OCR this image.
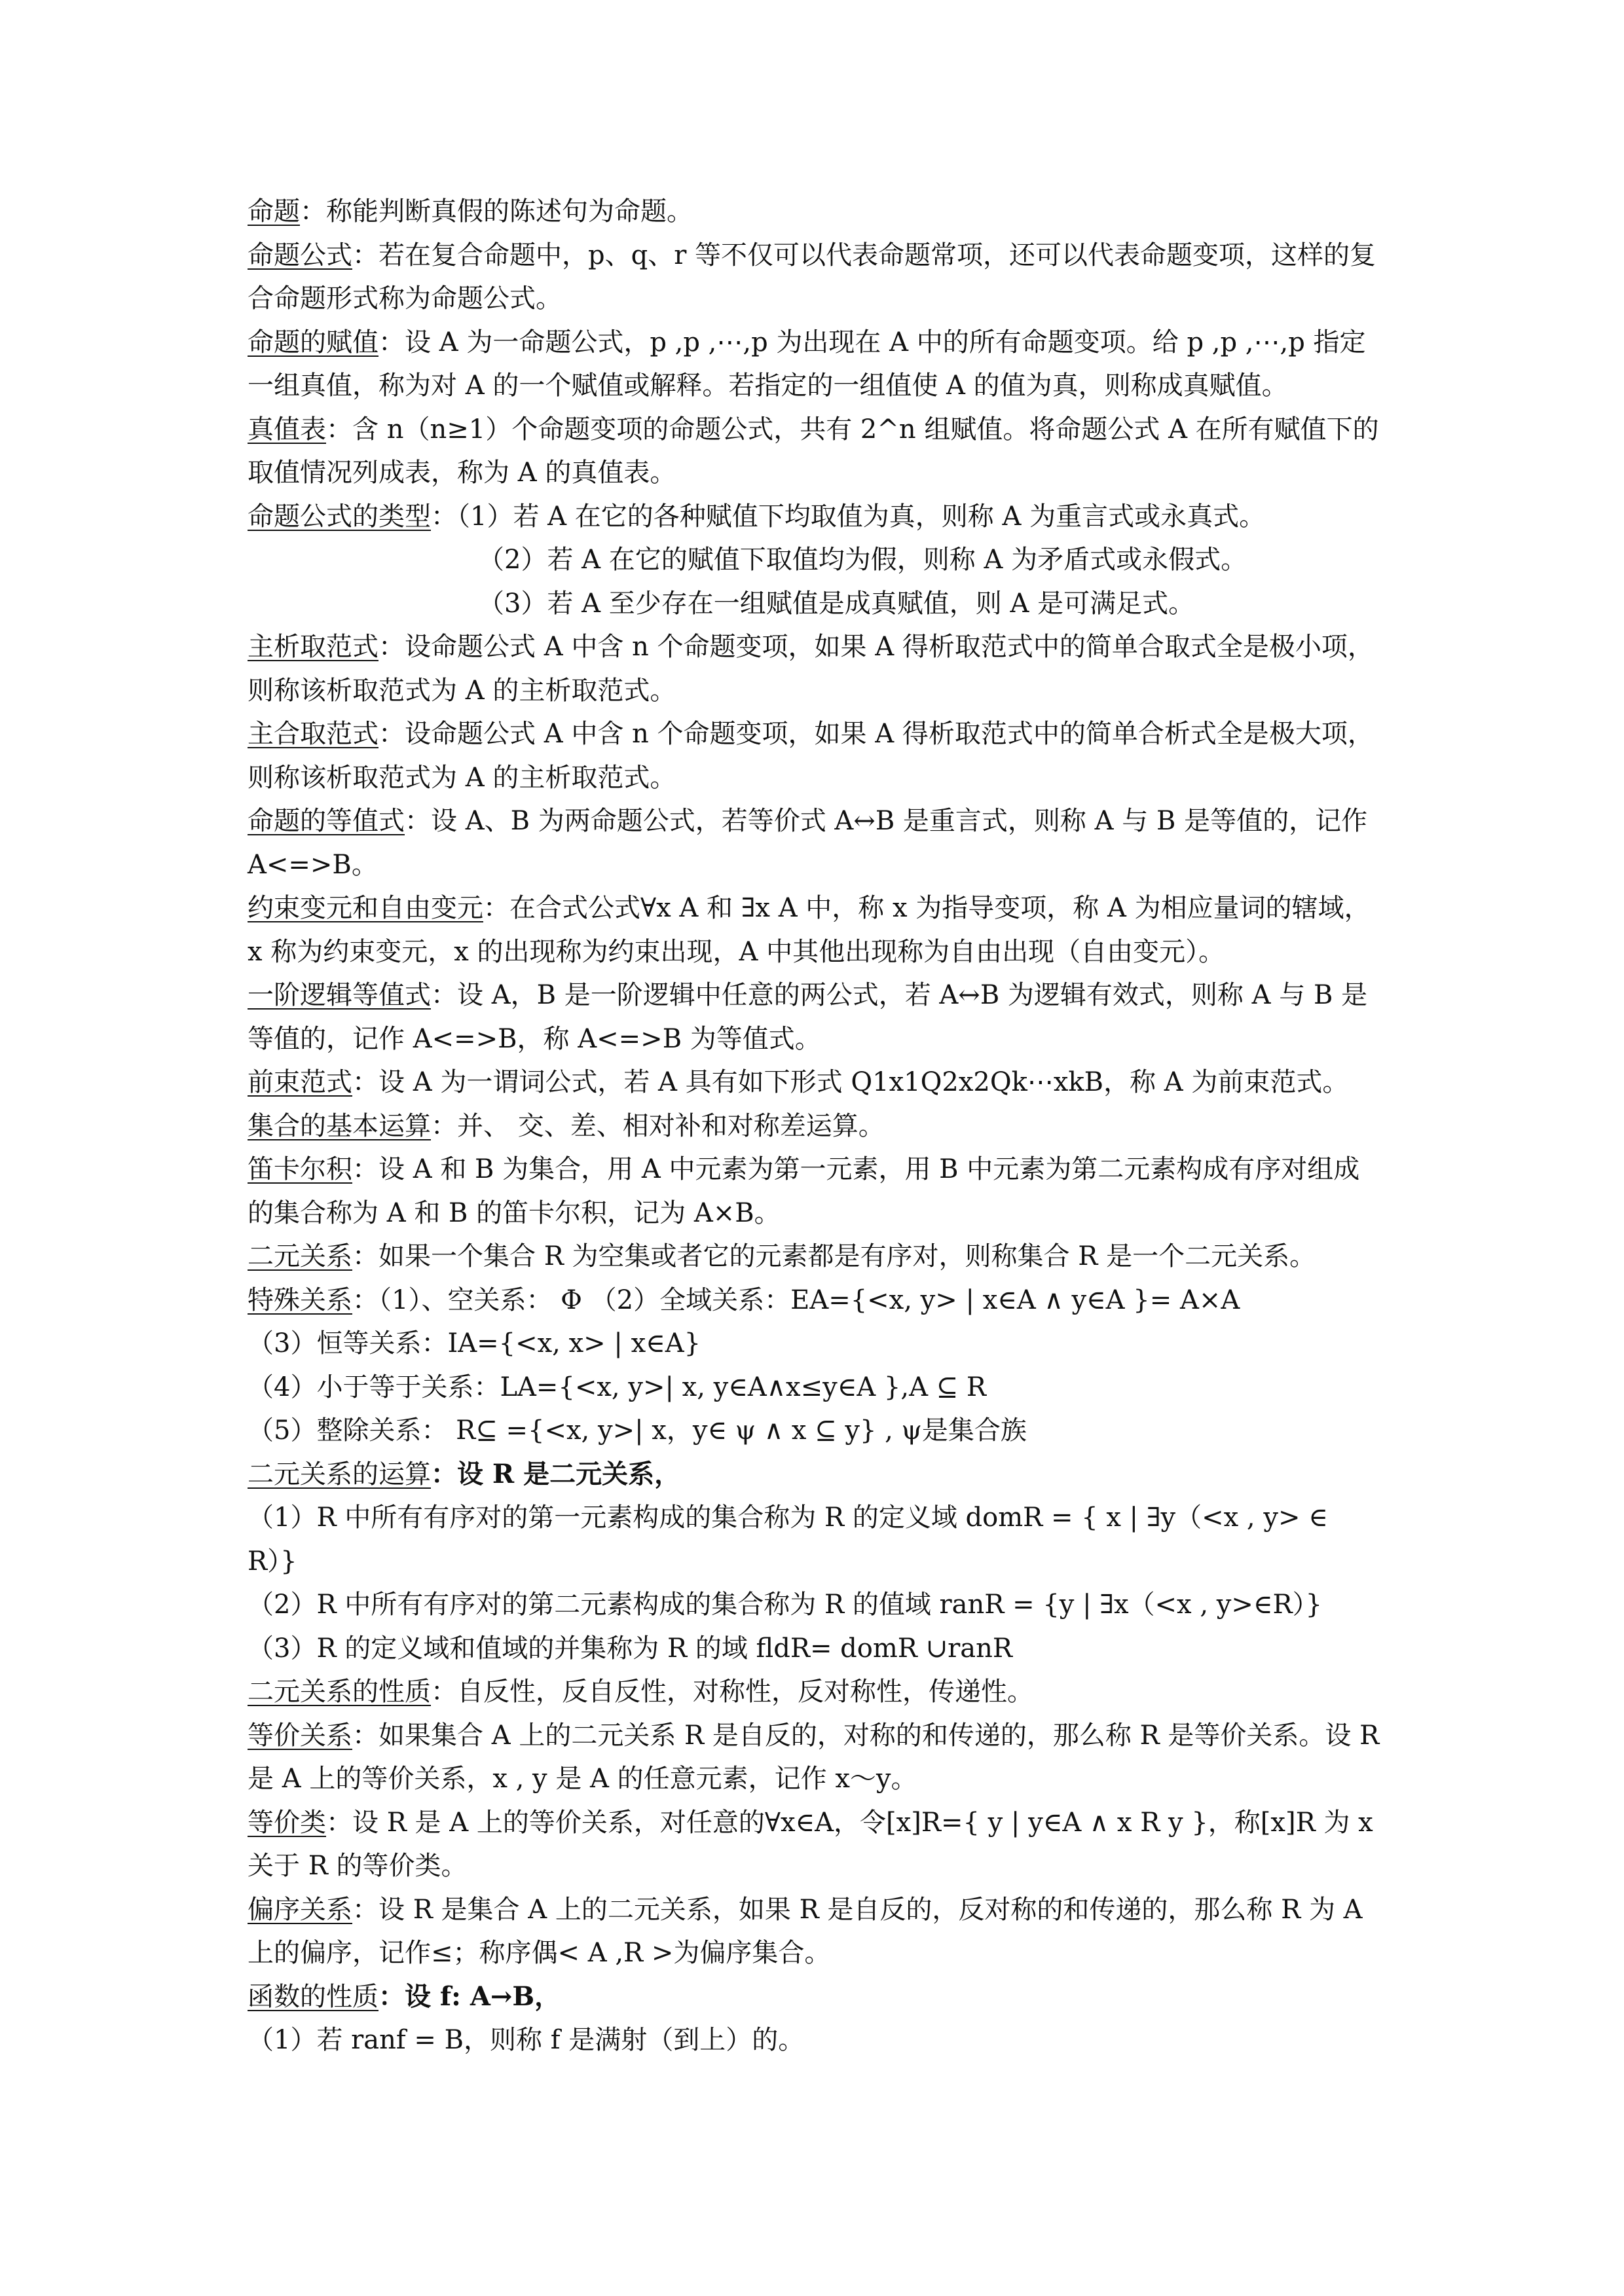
命题：称能判断真假的陈述句为命题。

命题公式：若在复合命题中，p、q、r 等不仅可以代表命题常项，还可以代表命题变项，这样的复合命题形式称为命题公式。

命题的赋值：设 A 为一命题公式，p ,p ,⋯,p 为出现在 A 中的所有命题变项。给 p ,p ,⋯,p 指定一组真值，称为对 A 的一个赋值或解释。若指定的一组值使 A 的值为真，则称成真赋值。

真值表：含 n（n≥1）个命题变项的命题公式，共有 2^n 组赋值。将命题公式 A 在所有赋值下的取值情况列成表，称为 A 的真值表。

命题公式的类型：（1）若 A 在它的各种赋值下均取值为真，则称 A 为重言式或永真式。

（2）若 A 在它的赋值下取值均为假，则称 A 为矛盾式或永假式。

（3）若 A 至少存在一组赋值是成真赋值，则 A 是可满足式。

主析取范式：设命题公式 A 中含 n 个命题变项，如果 A 得析取范式中的简单合取式全是极小项，则称该析取范式为 A 的主析取范式。

主合取范式：设命题公式 A 中含 n 个命题变项，如果 A 得析取范式中的简单合析式全是极大项，则称该析取范式为 A 的主析取范式。

命题的等值式：设 A、B 为两命题公式，若等价式 A↔B 是重言式，则称 A 与 B 是等值的，记作 A<=>B。

约束变元和自由变元：在合式公式∀x A 和 ∃x A 中，称 x 为指导变项，称 A 为相应量词的辖域，x 称为约束变元，x 的出现称为约束出现，A 中其他出现称为自由出现（自由变元）。

一阶逻辑等值式：设 A，B 是一阶逻辑中任意的两公式，若 A↔B 为逻辑有效式，则称 A 与 B 是等值的，记作 A<=>B，称 A<=>B 为等值式。

前束范式：设 A 为一谓词公式，若 A 具有如下形式 Q1x1Q2x2Qk⋯xkB，称 A 为前束范式。

集合的基本运算：并、 交、差、相对补和对称差运算。

笛卡尔积：设 A 和 B 为集合，用 A 中元素为第一元素，用 B 中元素为第二元素构成有序对组成的集合称为 A 和 B 的笛卡尔积，记为 A×B。

二元关系：如果一个集合 R 为空集或者它的元素都是有序对，则称集合 R 是一个二元关系。

特殊关系：（1）、空关系： Φ （2）全域关系：EA={<x, y> | x∈A ∧ y∈A }= A×A

（3）恒等关系：IA={<x, x> | x∈A}

（4）小于等于关系：LA={<x, y>| x, y∈A∧x≤y∈A },A ⊆ R

（5）整除关系： R⊆ ={<x, y>| x，y∈ ψ ∧ x ⊆ y} , ψ是集合族

二元关系的运算：设 R 是二元关系，

（1）R 中所有有序对的第一元素构成的集合称为 R 的定义域 domR = { x | ∃y（<x , y> ∈ R）}

（2）R 中所有有序对的第二元素构成的集合称为 R 的值域 ranR = {y | ∃x（<x , y>∈R）}

（3）R 的定义域和值域的并集称为 R 的域 fldR= domR ∪ranR

二元关系的性质：自反性，反自反性，对称性，反对称性，传递性。

等价关系：如果集合 A 上的二元关系 R 是自反的，对称的和传递的，那么称 R 是等价关系。设 R 是 A 上的等价关系，x , y 是 A 的任意元素，记作 x～y。

等价类：设 R 是 A 上的等价关系，对任意的∀x∈A，令[x]R={ y | y∈A ∧ x R y }，称[x]R 为 x 关于 R 的等价类。

偏序关系：设 R 是集合 A 上的二元关系，如果 R 是自反的，反对称的和传递的，那么称 R 为 A 上的偏序，记作≤；称序偶< A ,R >为偏序集合。

函数的性质：设 f: A→B，

（1）若 ranf = B，则称 f 是满射（到上）的。
